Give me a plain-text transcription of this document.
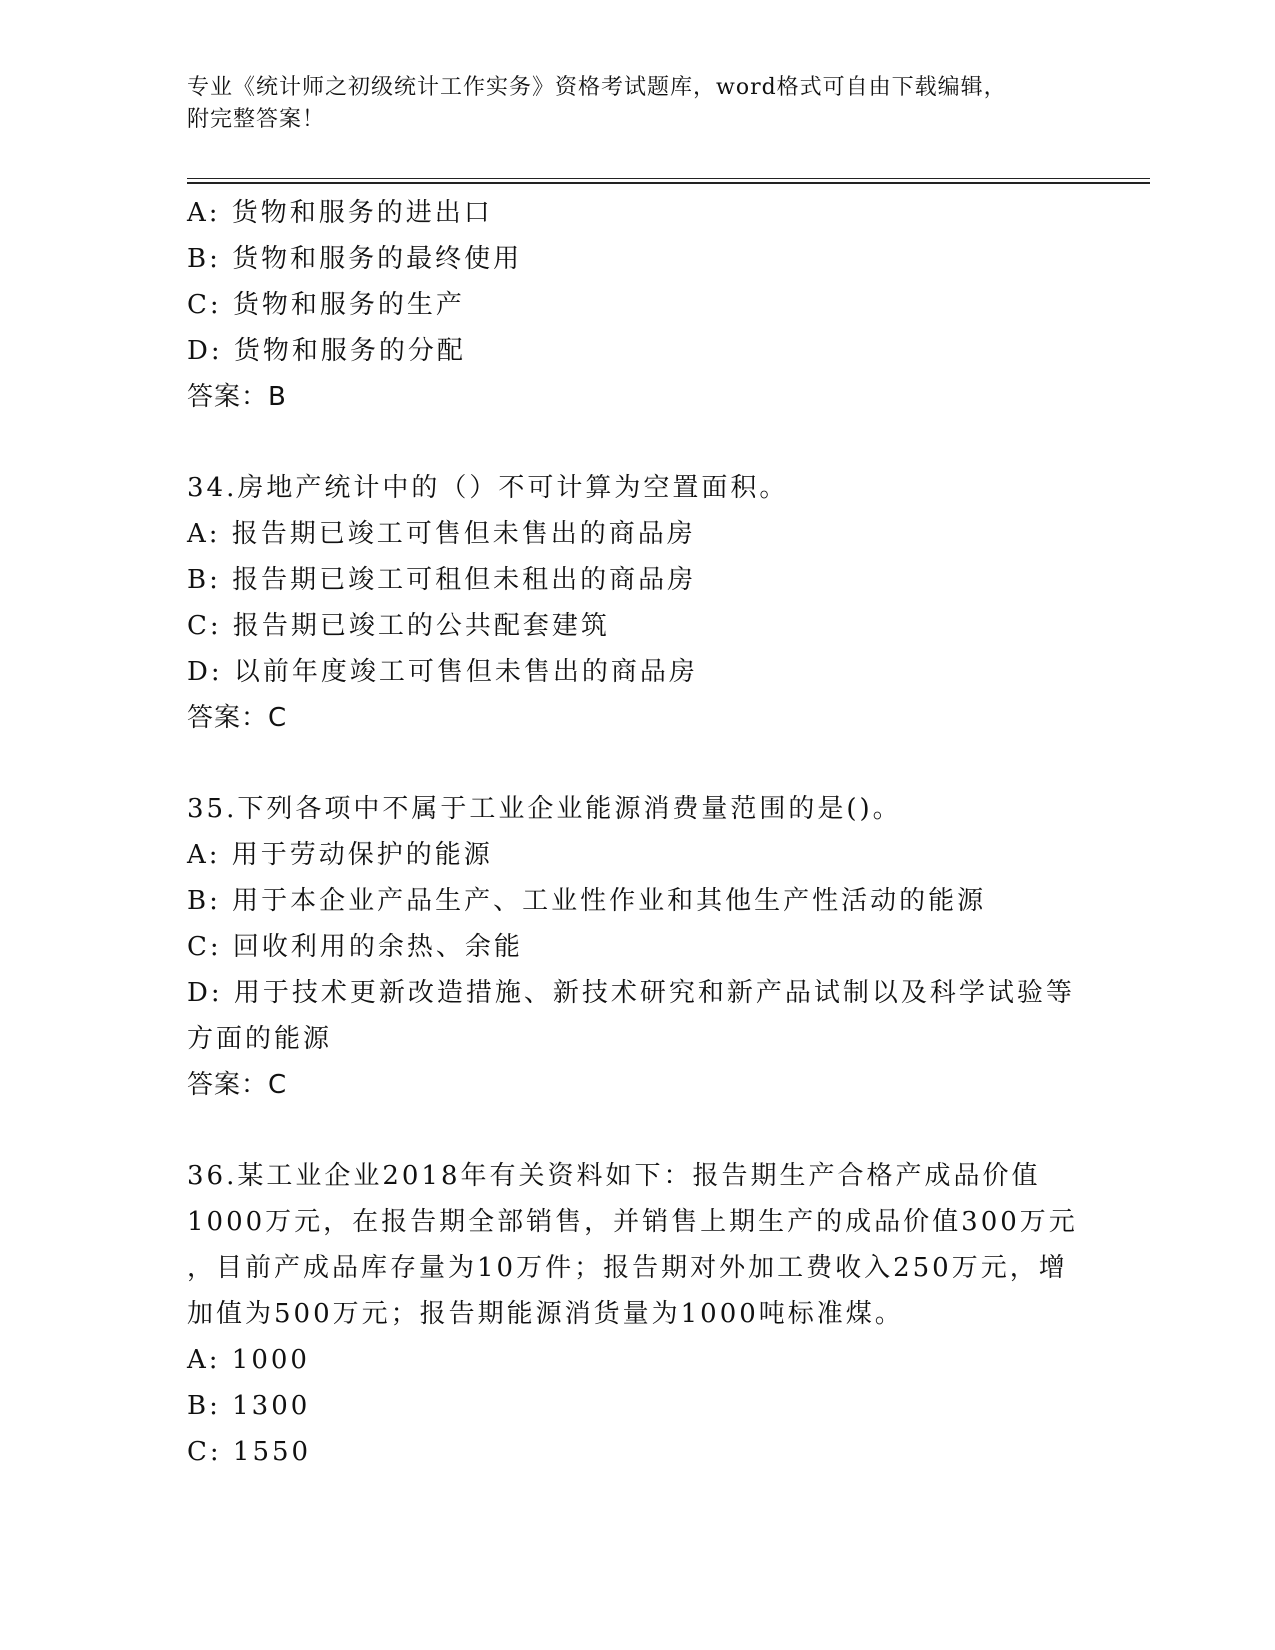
专业《统计师之初级统计工作实务》资格考试题库，word格式可自由下载编辑，
附完整答案！
A: 货物和服务的进出口
B: 货物和服务的最终使用
C: 货物和服务的生产
D: 货物和服务的分配
答案：B
34.房地产统计中的（）不可计算为空置面积。
A: 报告期已竣工可售但未售出的商品房
B: 报告期已竣工可租但未租出的商品房
C: 报告期已竣工的公共配套建筑
D: 以前年度竣工可售但未售出的商品房
答案：C
35.下列各项中不属于工业企业能源消费量范围的是()。
A: 用于劳动保护的能源
B: 用于本企业产品生产、工业性作业和其他生产性活动的能源
C: 回收利用的余热、余能
D: 用于技术更新改造措施、新技术研究和新产品试制以及科学试验等
方面的能源
答案：C
36.某工业企业2018年有关资料如下：报告期生产合格产成品价值
1000万元，在报告期全部销售，并销售上期生产的成品价值300万元
，目前产成品库存量为10万件；报告期对外加工费收入250万元，增
加值为500万元；报告期能源消货量为1000吨标准煤。
A: 1000
B: 1300
C: 1550
